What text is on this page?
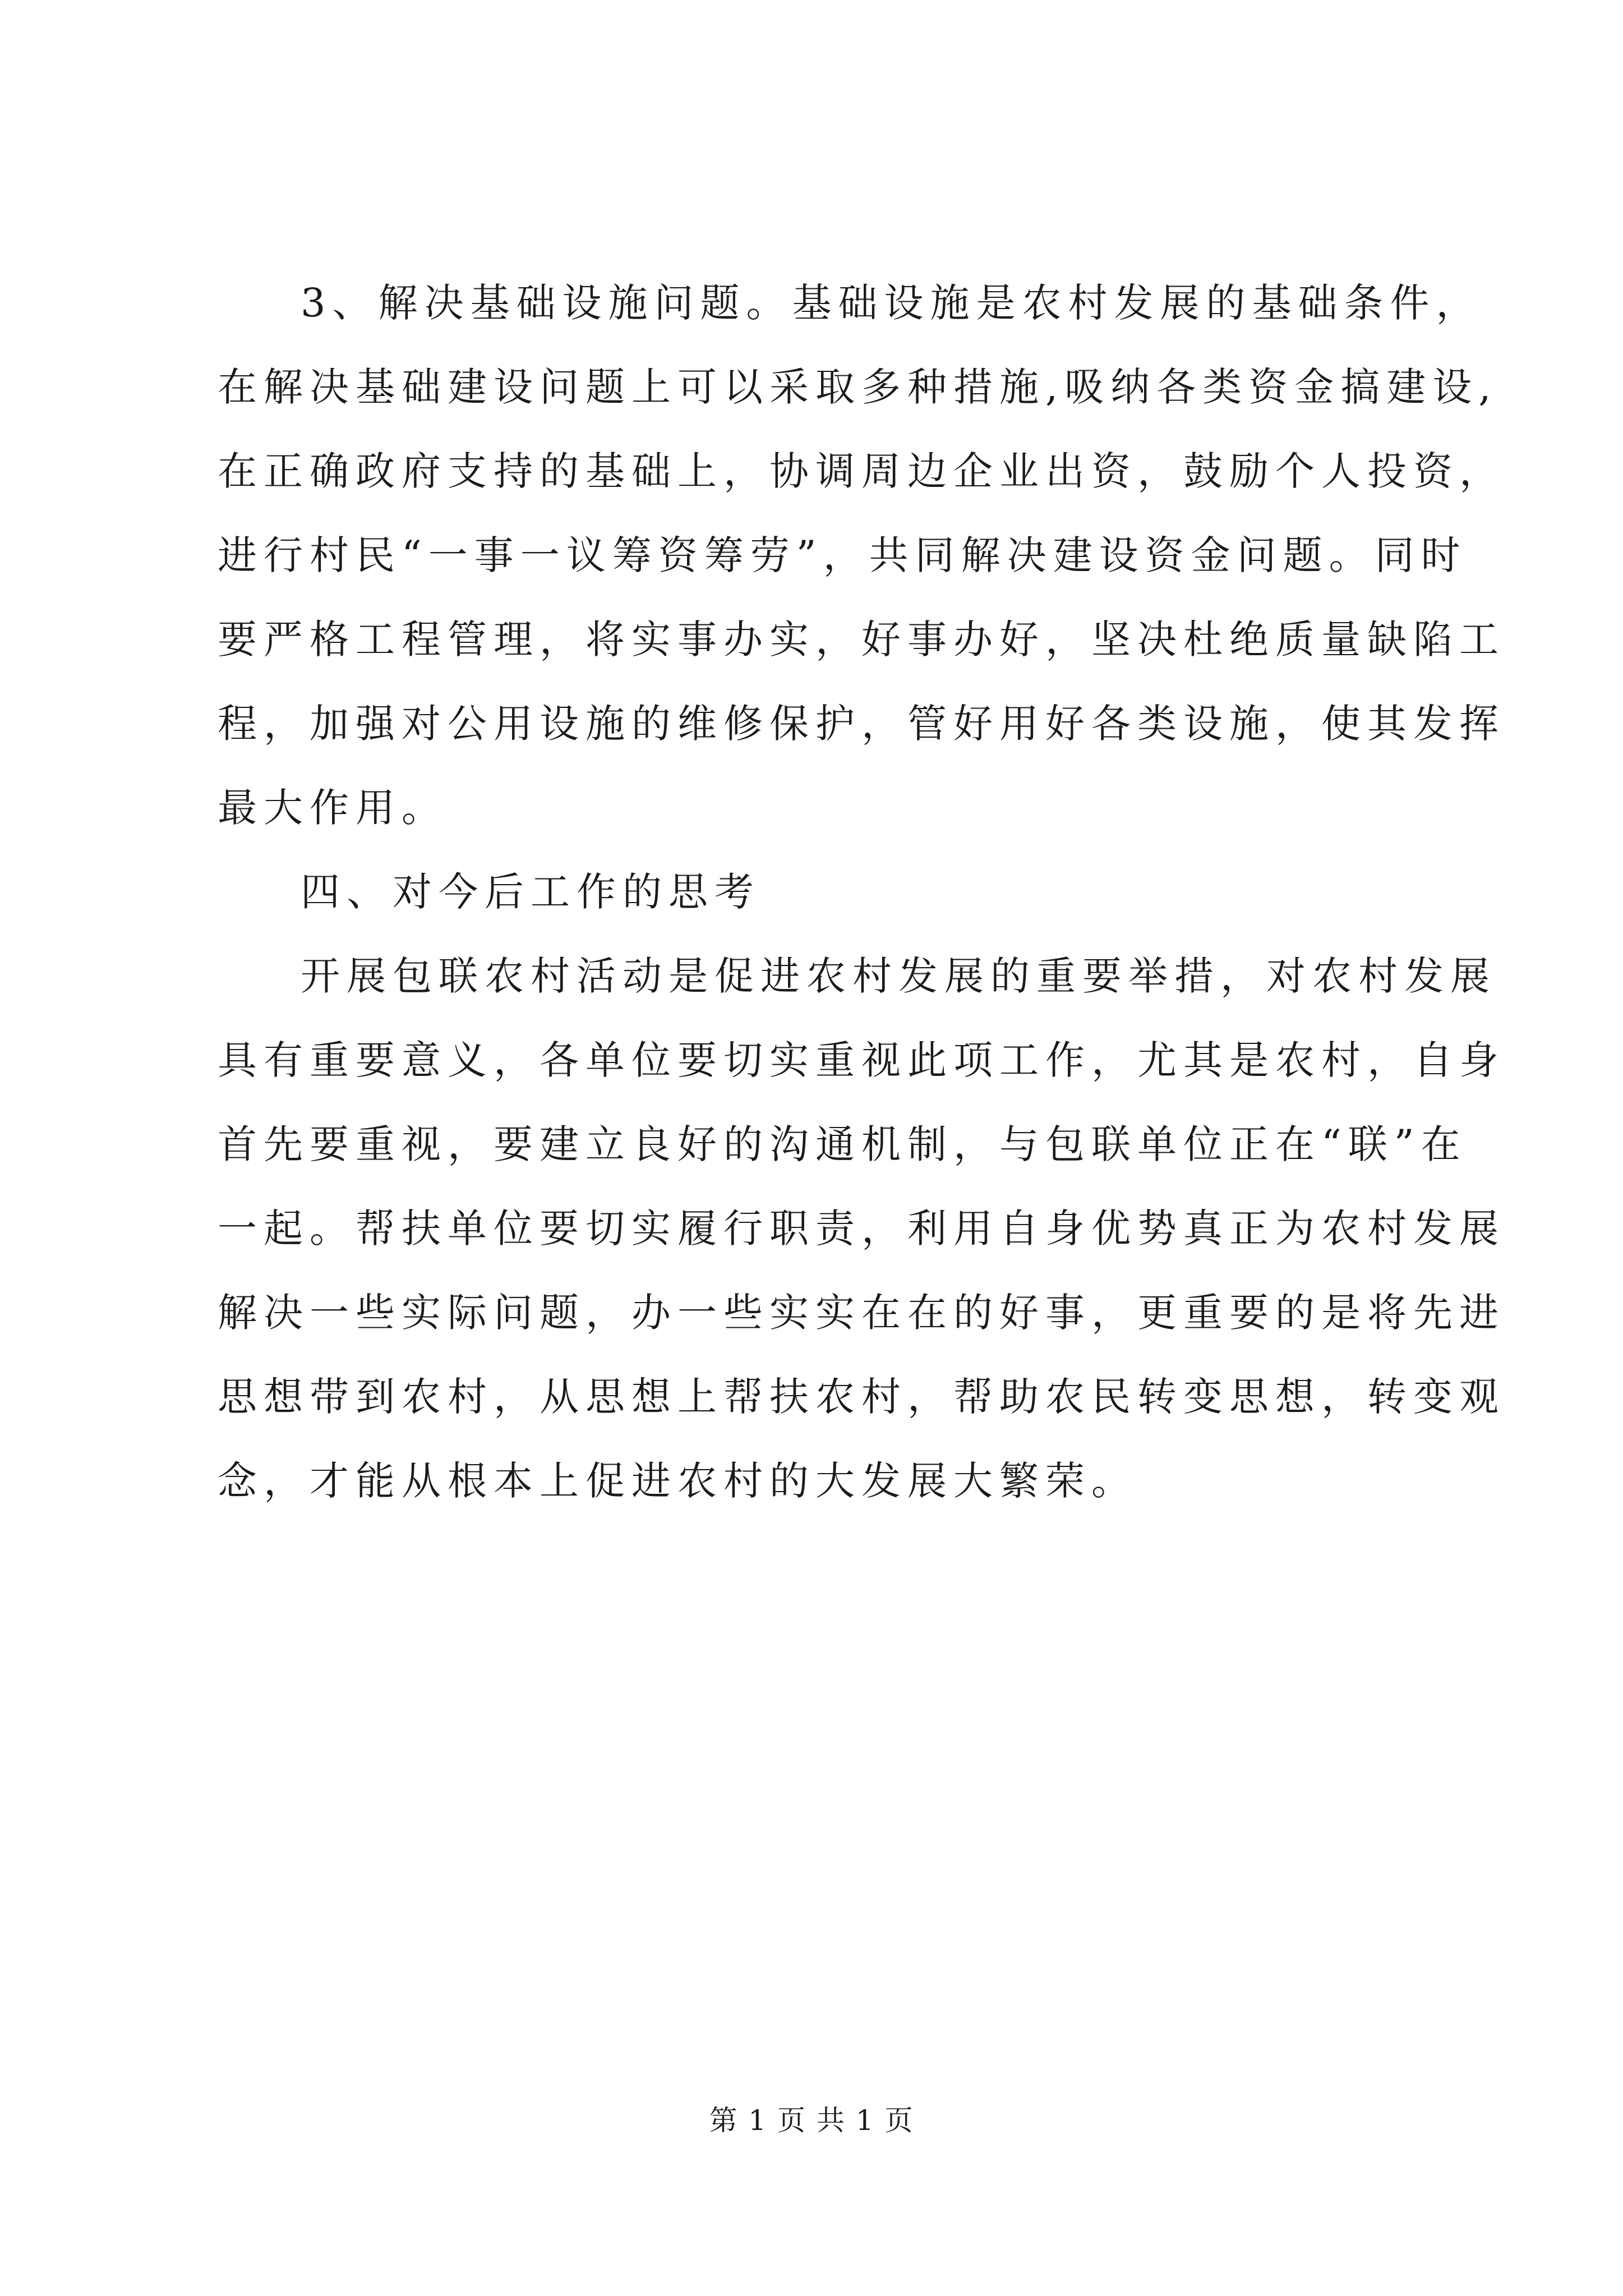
3、解决基础设施问题。基础设施是农村发展的基础条件，
在解决基础建设问题上可以采取多种措施,吸纳各类资金搞建设,
在正确政府支持的基础上，协调周边企业出资，鼓励个人投资，
进行村民“一事一议筹资筹劳”，共同解决建设资金问题。同时
要严格工程管理，将实事办实，好事办好，坚决杜绝质量缺陷工
程，加强对公用设施的维修保护，管好用好各类设施，使其发挥
最大作用。
四、对今后工作的思考
开展包联农村活动是促进农村发展的重要举措，对农村发展
具有重要意义，各单位要切实重视此项工作，尤其是农村，自身
首先要重视，要建立良好的沟通机制，与包联单位正在“联”在
一起。帮扶单位要切实履行职责，利用自身优势真正为农村发展
解决一些实际问题，办一些实实在在的好事，更重要的是将先进
思想带到农村，从思想上帮扶农村，帮助农民转变思想，转变观
念，才能从根本上促进农村的大发展大繁荣。
第 1 页 共 1 页
